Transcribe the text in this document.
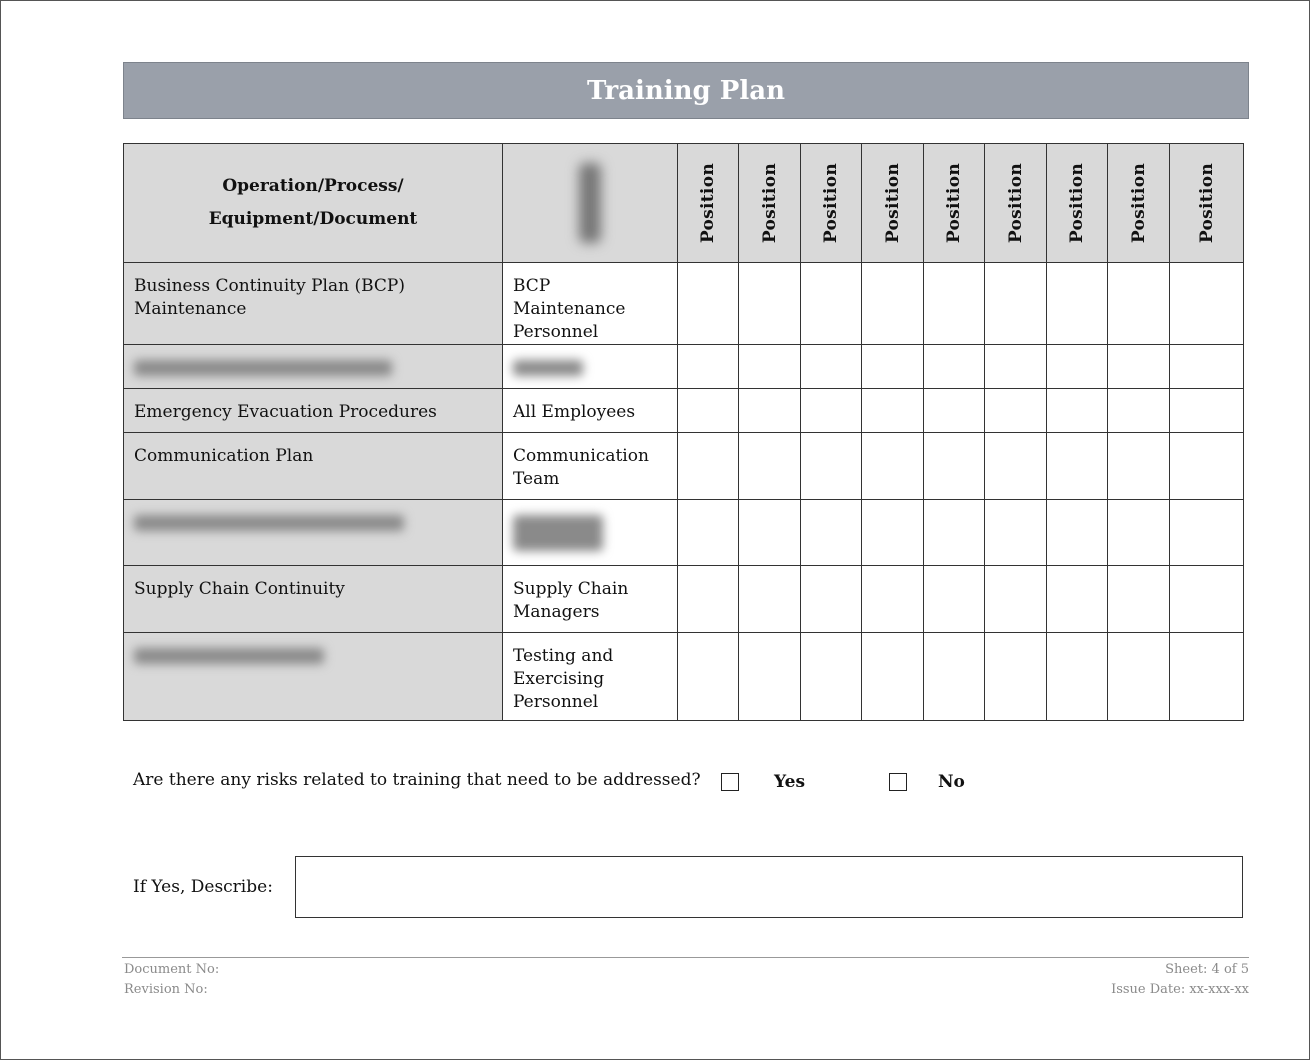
Training Plan
Operation/Process/
Equipment/Document		Position	Position	Position	Position	Position	Position	Position	Position	Position

Business Continuity Plan (BCP) Maintenance	BCP Maintenance Personnel									

Emergency Evacuation Procedures	All Employees									
Communication Plan	Communication Team									

Supply Chain Continuity	Supply Chain Managers									
	Testing and Exercising Personnel									
Are there any risks related to training that need to be addressed?	Yes	No
If Yes, Describe:
Document No:
Revision No:
Sheet: 4 of 5
Issue Date: xx-xxx-xx
